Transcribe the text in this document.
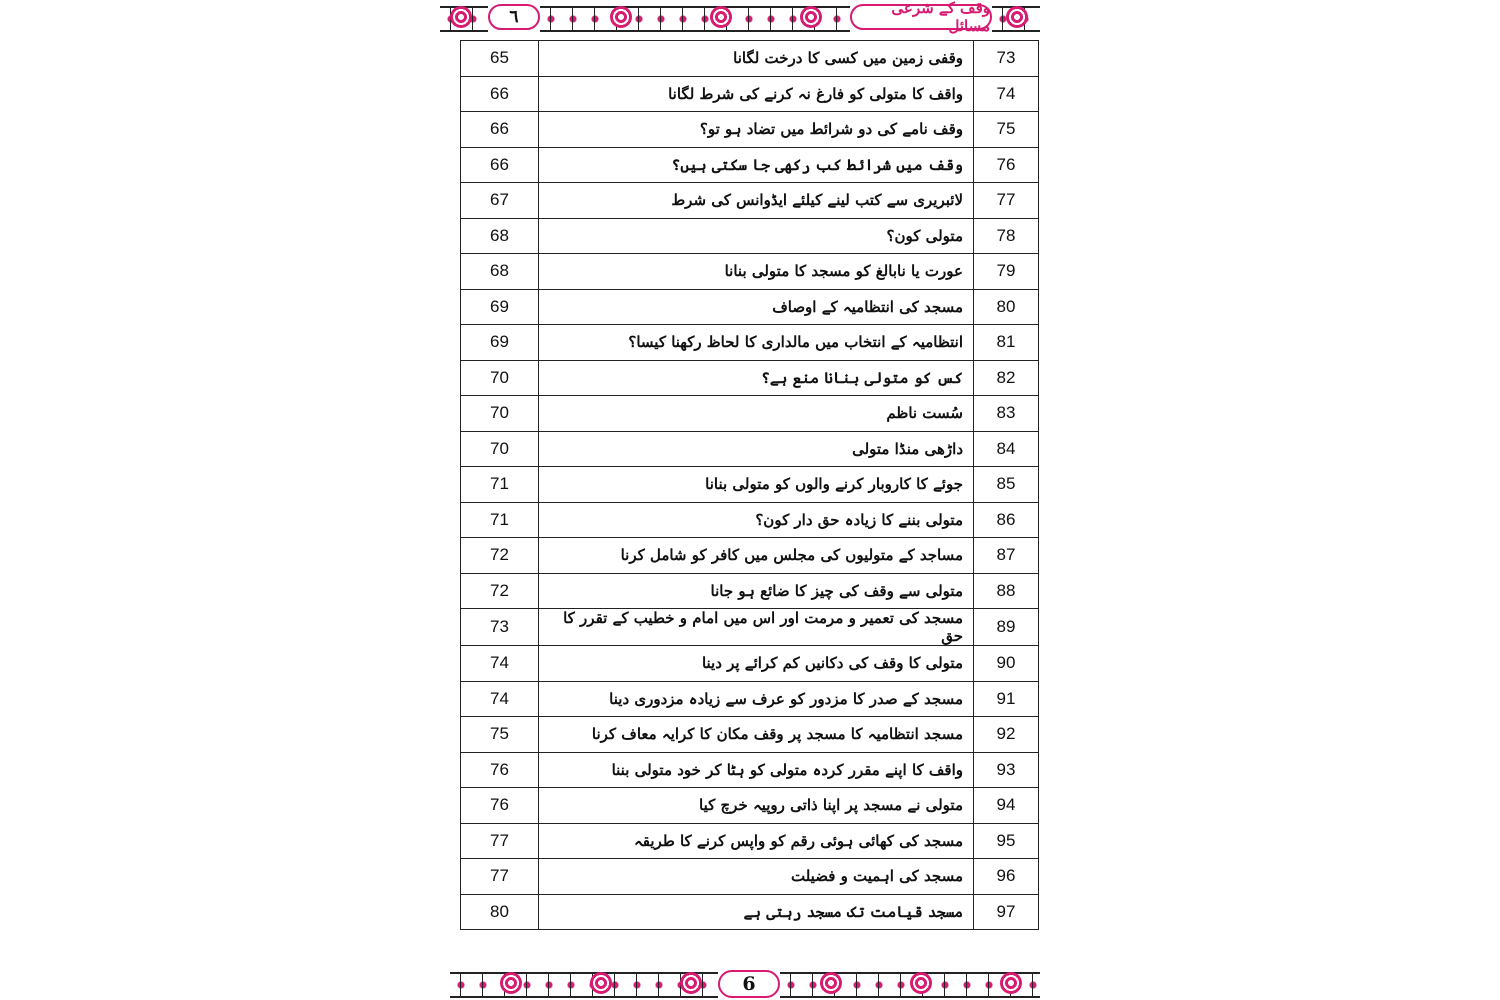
٦	وقف کے شرعی مسائل
65	وقفی زمین میں کسی کا درخت لگانا	73
66	واقف کا متولی کو فارغ نہ کرنے کی شرط لگانا	74
66	وقف نامے کی دو شرائط میں تضاد ہو تو؟	75
66	وقف میں شرائط کب رکھی جا سکتی ہیں؟	76
67	لائبریری سے کتب لینے کیلئے ایڈوانس کی شرط	77
68	متولی کون؟	78
68	عورت یا نابالغ کو مسجد کا متولی بنانا	79
69	مسجد کی انتظامیہ کے اوصاف	80
69	انتظامیہ کے انتخاب میں مالداری کا لحاظ رکھنا کیسا؟	81
70	کس کو متولی بنانا منع ہے؟	82
70	سُست ناظم	83
70	داڑھی منڈا متولی	84
71	جوئے کا کاروبار کرنے والوں کو متولی بنانا	85
71	متولی بننے کا زیادہ حق دار کون؟	86
72	مساجد کے متولیوں کی مجلس میں کافر کو شامل کرنا	87
72	متولی سے وقف کی چیز کا ضائع ہو جانا	88
73	مسجد کی تعمیر و مرمت اور اس میں امام و خطیب کے تقرر کا حق	89
74	متولی کا وقف کی دکانیں کم کرائے پر دینا	90
74	مسجد کے صدر کا مزدور کو عرف سے زیادہ مزدوری دینا	91
75	مسجد انتظامیہ کا مسجد پر وقف مکان کا کرایہ معاف کرنا	92
76	واقف کا اپنے مقرر کردہ متولی کو ہٹا کر خود متولی بننا	93
76	متولی نے مسجد پر اپنا ذاتی روپیہ خرچ کیا	94
77	مسجد کی کھائی ہوئی رقم کو واپس کرنے کا طریقہ	95
77	مسجد کی اہمیت و فضیلت	96
80	مسجد قیامت تک مسجد رہتی ہے	97
6
